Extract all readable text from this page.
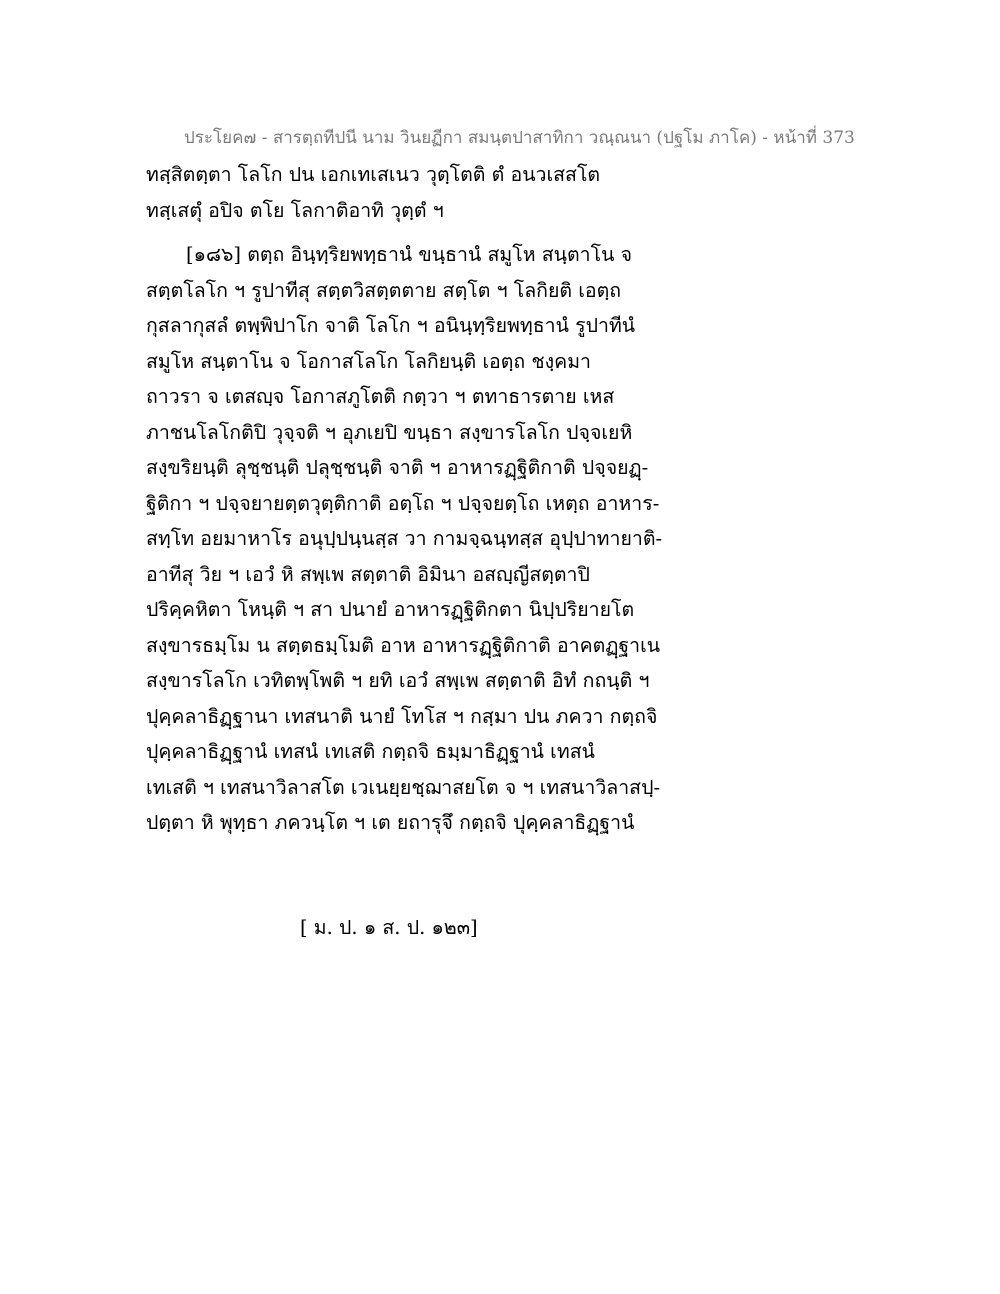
ประโยค๗ - สารตฺถทีปนี นาม วินยฏีกา สมนฺตปาสาทิกา วณฺณนา (ปฐโม ภาโค) - หน้าที่ 373
ทสฺสิตตฺตา โลโก ปน เอกเทเสเนว วุตฺโตติ ตํ อนวเสสโต
ทสฺเสตุํ อปิจ ตโย โลกาติอาทิ วุตฺตํ ฯ
[๑๘๖] ตตฺถ อินฺทฺริยพทฺธานํ ขนฺธานํ สมูโห สนฺตาโน จ
สตฺตโลโก ฯ รูปาทีสุ สตฺตวิสตฺตตาย สตฺโต ฯ โลกิยติ เอตฺถ
กุสลากุสลํ ตพฺพิปาโก จาติ โลโก ฯ อนินฺทฺริยพทฺธานํ รูปาทีนํ
สมูโห สนฺตาโน จ โอกาสโลโก โลกิยนฺติ เอตฺถ ชงฺคมา
ถาวรา จ เตสญฺจ โอกาสภูโตติ กตฺวา ฯ ตทาธารตาย เหส
ภาชนโลโกติปิ วุจฺจติ ฯ อุภเยปิ ขนฺธา สงฺขารโลโก ปจฺจเยหิ
สงฺขริยนฺติ ลุชฺชนฺติ ปลุชฺชนฺติ จาติ ฯ อาหารฏฺฐิติกาติ ปจฺจยฏฺ-
ฐิติกา ฯ ปจฺจยายตฺตวุตฺติกาติ อตฺโถ ฯ ปจฺจยตฺโถ เหตฺถ อาหาร-
สทฺโท อยมาหาโร อนุปฺปนฺนสฺส วา กามจฺฉนฺทสฺส อุปฺปาทายาติ-
อาทีสุ วิย ฯ เอวํ หิ สพฺเพ สตฺตาติ อิมินา อสญฺญีสตฺตาปิ
ปริคฺคหิตา โหนฺติ ฯ สา ปนายํ อาหารฏฺฐิติกตา นิปฺปริยายโต
สงฺขารธมฺโม น สตฺตธมฺโมติ อาห อาหารฏฺฐิติกาติ อาคตฏฺฐาเน
สงฺขารโลโก เวทิตพฺโพติ ฯ ยทิ เอวํ สพฺเพ สตฺตาติ อิทํ กถนฺติ ฯ
ปุคฺคลาธิฏฺฐานา เทสนาติ นายํ โทโส ฯ กสฺมา ปน ภควา กตฺถจิ
ปุคฺคลาธิฏฺฐานํ เทสนํ เทเสติ กตฺถจิ ธมฺมาธิฏฺฐานํ เทสนํ
เทเสติ ฯ เทสนาวิลาสโต เวเนยฺยชฺฌาสยโต จ ฯ เทสนาวิลาสปฺ-
ปตฺตา หิ พุทฺธา ภควนฺโต ฯ เต ยถารุจึ กตฺถจิ ปุคฺคลาธิฏฺฐานํ
[ ม. ป. ๑ ส. ป. ๑๒๓]
